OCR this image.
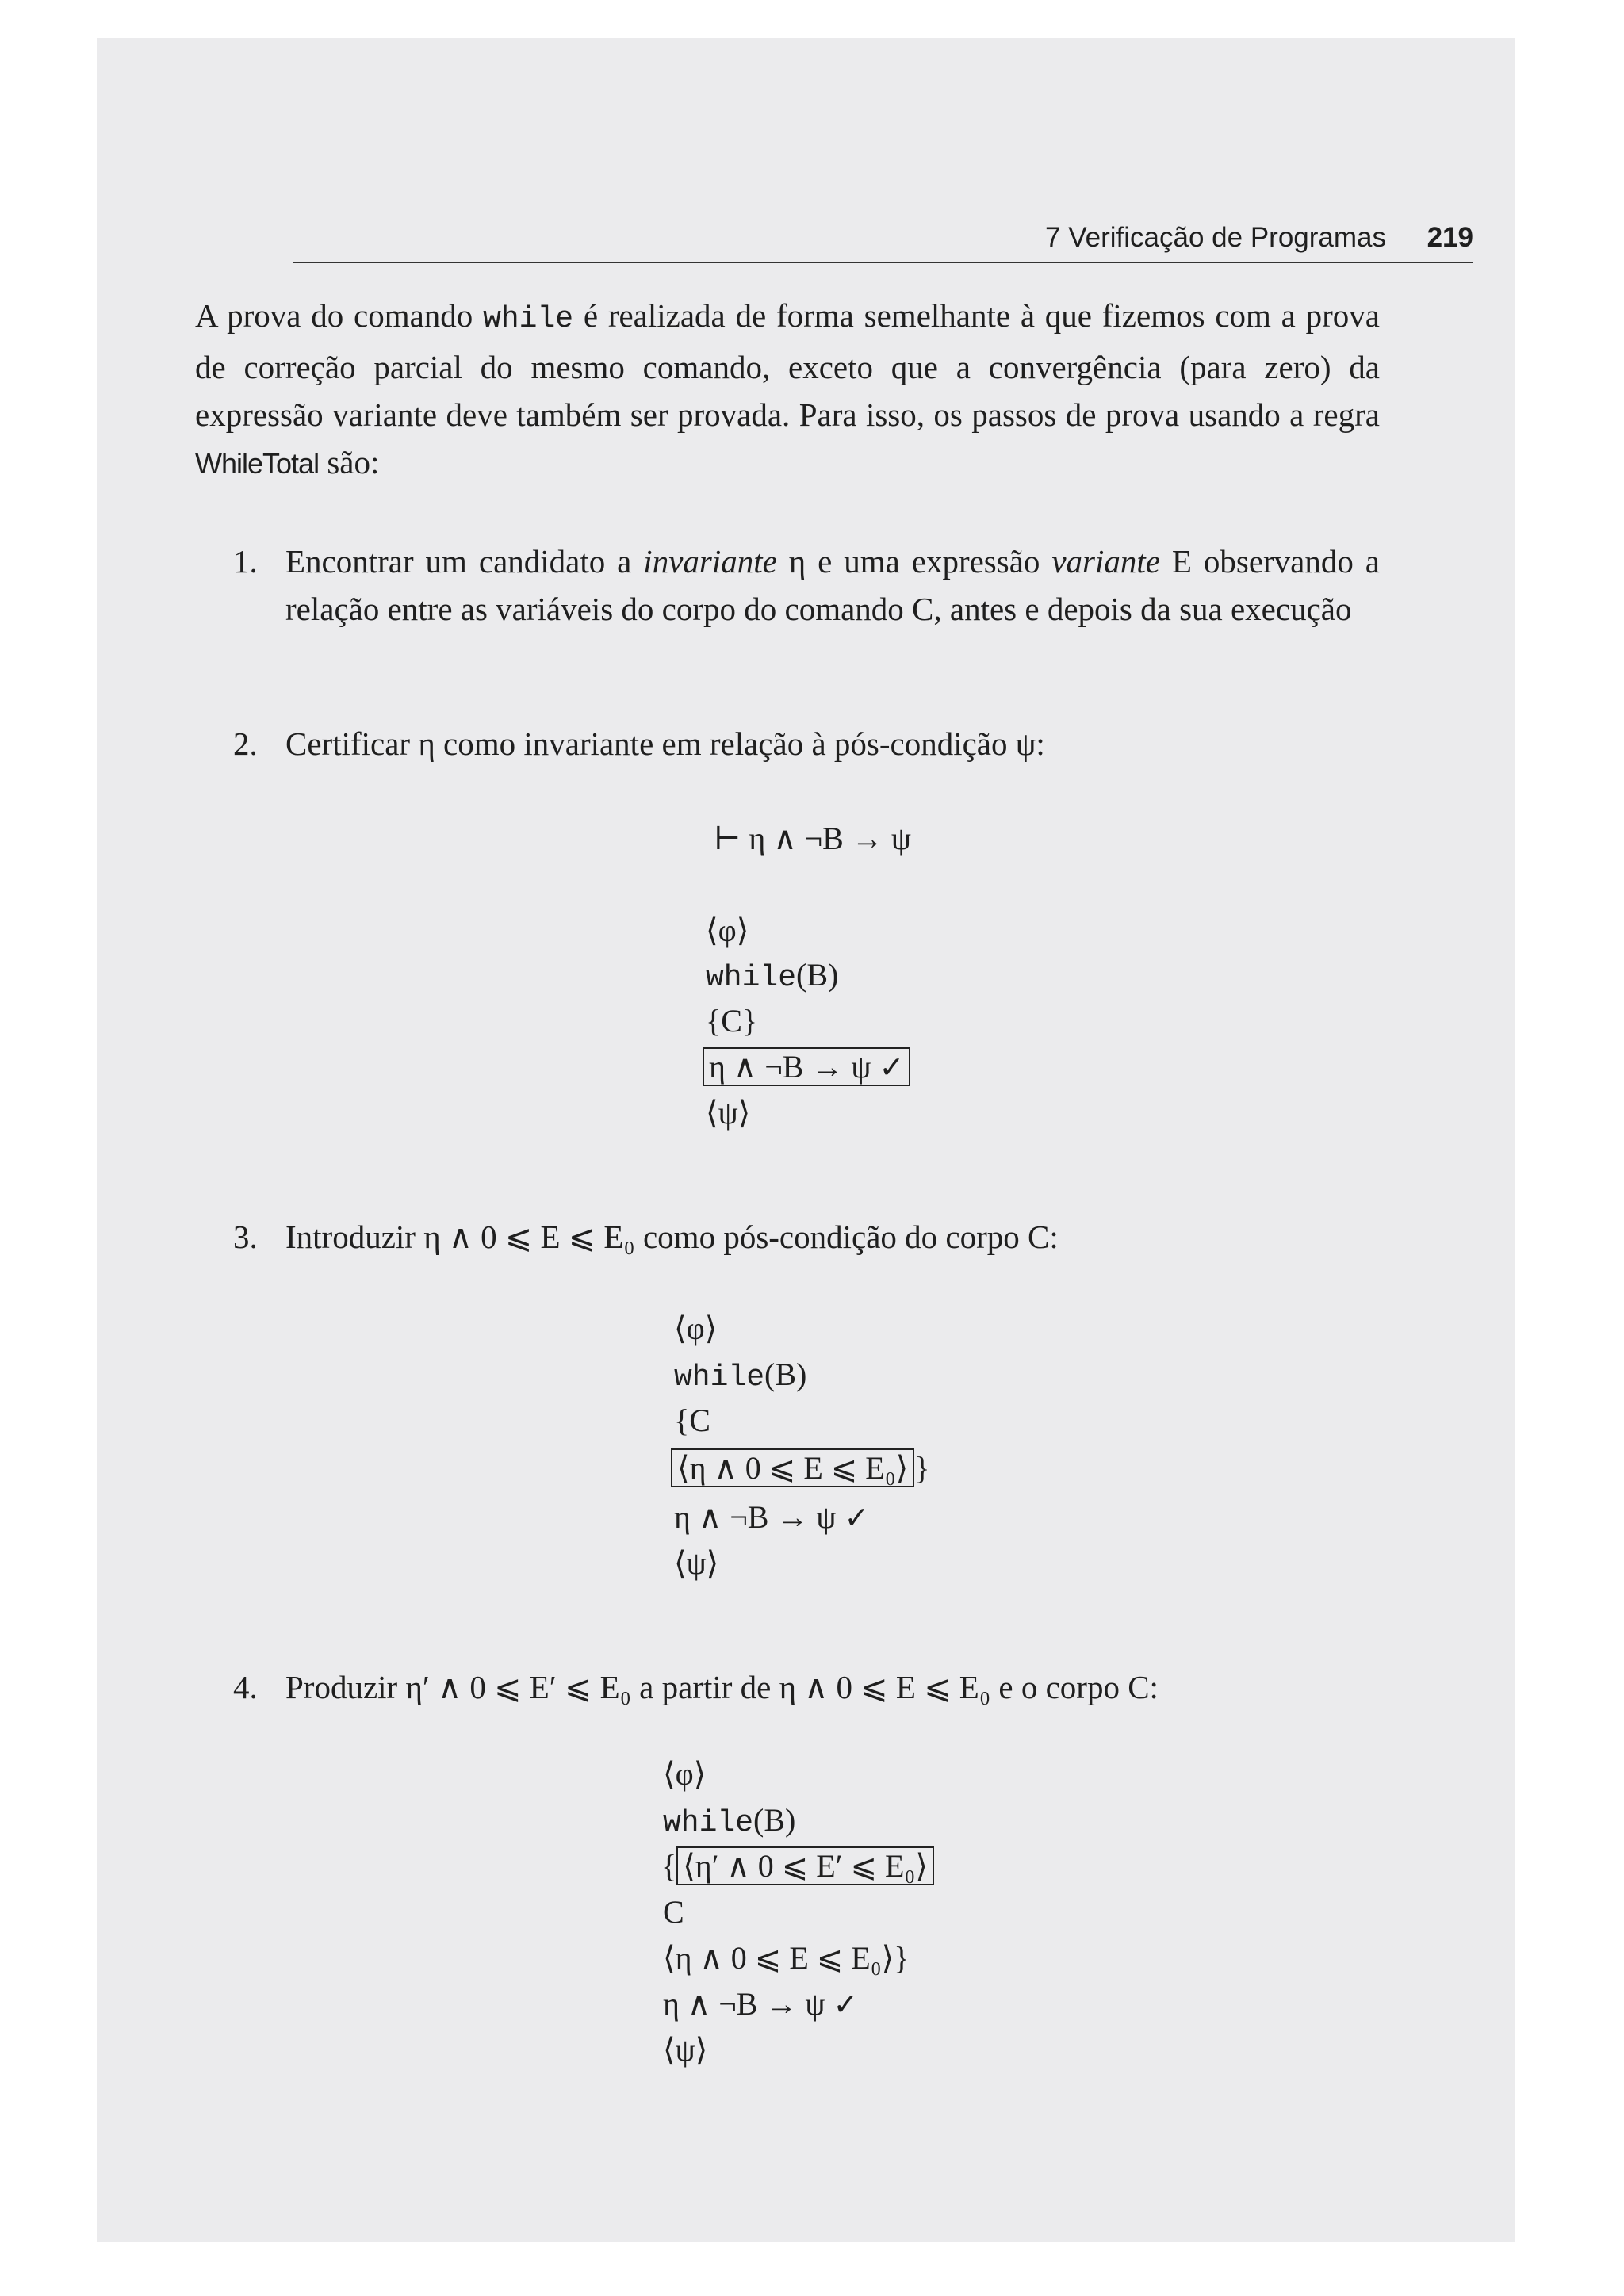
7 Verificação de Programas 219

A prova do comando while é realizada de forma semelhante à que fizemos com a prova de correção parcial do mesmo comando, exceto que a convergência (para zero) da expressão variante deve também ser provada. Para isso, os passos de prova usando a regra WhileTotal são:

1. Encontrar um candidato a invariante η e uma expressão variante E observando a relação entre as variáveis do corpo do comando C, antes e depois da sua execução
2. Certificar η como invariante em relação à pós-condição ψ:
⊢ η ∧ ¬B → ψ
⟨φ⟩
while(B)
{C}
η ∧ ¬B → ψ ✓
⟨ψ⟩
3. Introduzir η ∧ 0 ⩽ E ⩽ E₀ como pós-condição do corpo C:
⟨φ⟩
while(B)
{C
⟨η ∧ 0 ⩽ E ⩽ E₀⟩ }
η ∧ ¬B → ψ ✓
⟨ψ⟩
4. Produzir η′ ∧ 0 ⩽ E′ ⩽ E₀ a partir de η ∧ 0 ⩽ E ⩽ E₀ e o corpo C:
⟨φ⟩
while(B)
{ ⟨η′ ∧ 0 ⩽ E′ ⩽ E₀⟩
C
⟨η ∧ 0 ⩽ E ⩽ E₀⟩}
η ∧ ¬B → ψ ✓
⟨ψ⟩
